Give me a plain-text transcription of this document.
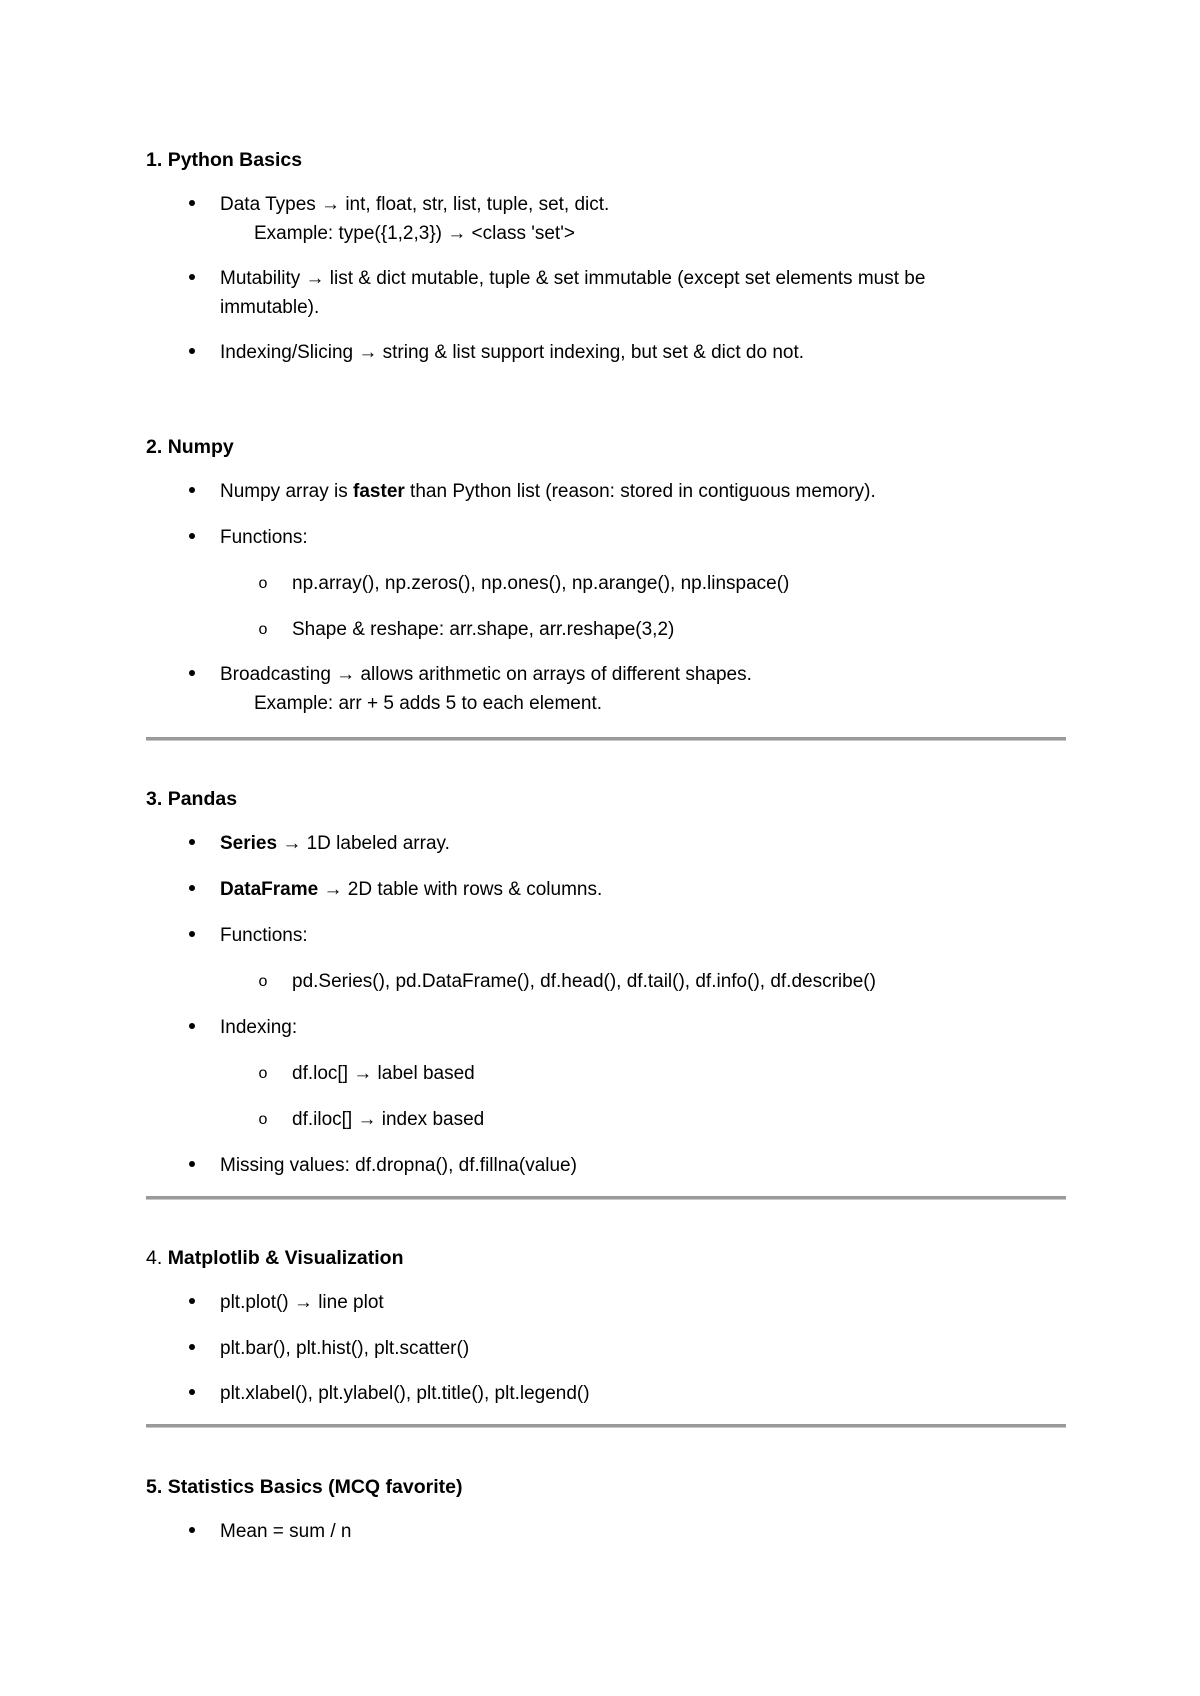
1. Python Basics
Data Types → int, float, str, list, tuple, set, dict.
Example: type({1,2,3}) → <class 'set'>
Mutability → list & dict mutable, tuple & set immutable (except set elements must be
immutable).
Indexing/Slicing → string & list support indexing, but set & dict do not.
2. Numpy
Numpy array is faster than Python list (reason: stored in contiguous memory).
Functions:
o np.array(), np.zeros(), np.ones(), np.arange(), np.linspace()
o Shape & reshape: arr.shape, arr.reshape(3,2)
Broadcasting → allows arithmetic on arrays of different shapes.
Example: arr + 5 adds 5 to each element.
3. Pandas
Series → 1D labeled array.
DataFrame → 2D table with rows & columns.
Functions:
o pd.Series(), pd.DataFrame(), df.head(), df.tail(), df.info(), df.describe()
Indexing:
o df.loc[] → label based
o df.iloc[] → index based
Missing values: df.dropna(), df.fillna(value)
4. Matplotlib & Visualization
plt.plot() → line plot
plt.bar(), plt.hist(), plt.scatter()
plt.xlabel(), plt.ylabel(), plt.title(), plt.legend()
5. Statistics Basics (MCQ favorite)
Mean = sum / n
